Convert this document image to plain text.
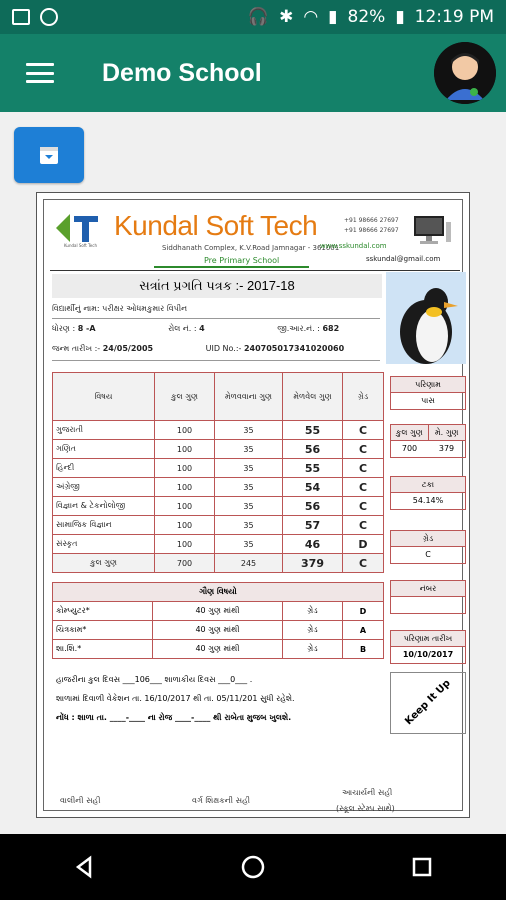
🎧 ✱ ◠ ▮ 82% ▮ 12:19 PM
Demo School
Kundal Soft Tech
Kundal Soft Tech
Siddhanath Complex, K.V.Road Jamnagar - 361001
Pre Primary School
+91 98666 27697
+91 98666 27697
www.sskundal.com
sskundal@gmail.com
સત્રાંત પ્રગતિ પત્રક :- 2017-18
વિદ્યાર્થીનું નામ: પરીક્ષર ઓધમકુમાર વિપીન
ધોરણ : 8 -A	રોલ નં. : 4	જી.આર.નં. : 682
જન્મ તારીખ :- 24/05/2005	UID No.:- 240705017341020060
વિષય	કુલ ગુણ	મેળવવાના ગુણ	મેળવેલ ગુણ	ગ્રેડ
ગુજરાતી	100	35	55	C
ગણિત	100	35	56	C
હિન્દી	100	35	55	C
અંગ્રેજી	100	35	54	C
વિજ્ઞાન & ટેકનોલોજી	100	35	56	C
સામાજિક વિજ્ઞાન	100	35	57	C
સંસ્કૃત	100	35	46	D
કુલ ગુણ	700	245	379	C
ગૌણ વિષયો			
કોમ્પ્યુટર*	40 ગુણ માંથી	ગ્રેડ	D
ચિત્રકામ*	40 ગુણ માંથી	ગ્રેડ	A
શા.શિ.*	40 ગુણ માંથી	ગ્રેડ	B
પરિણામ
પાસ
કુલ ગુણ	મે. ગુણ
700	379
ટકા
54.14%
ગ્રેડ
C
નંબર
પરિણામ તારીખ
10/10/2017
હાજરીના કુલ દિવસ ___106___ શાળાકીય દિવસ ___0___ .
શાળામાં દિવાળી વેકેશન તા. 16/10/2017 થી તા. 05/11/201 સુધી રહેશે.
નોંધ : શાળા તા. ____-____ ના રોજ ____-____ થી રાબેતા મુજબ ખુલશે.	Keep It Up
વાલીની સહી	વર્ગ શિક્ષકની સહી
આચાર્યની સહી
(સ્કૂલ સ્ટેમ્પ સાથે)
